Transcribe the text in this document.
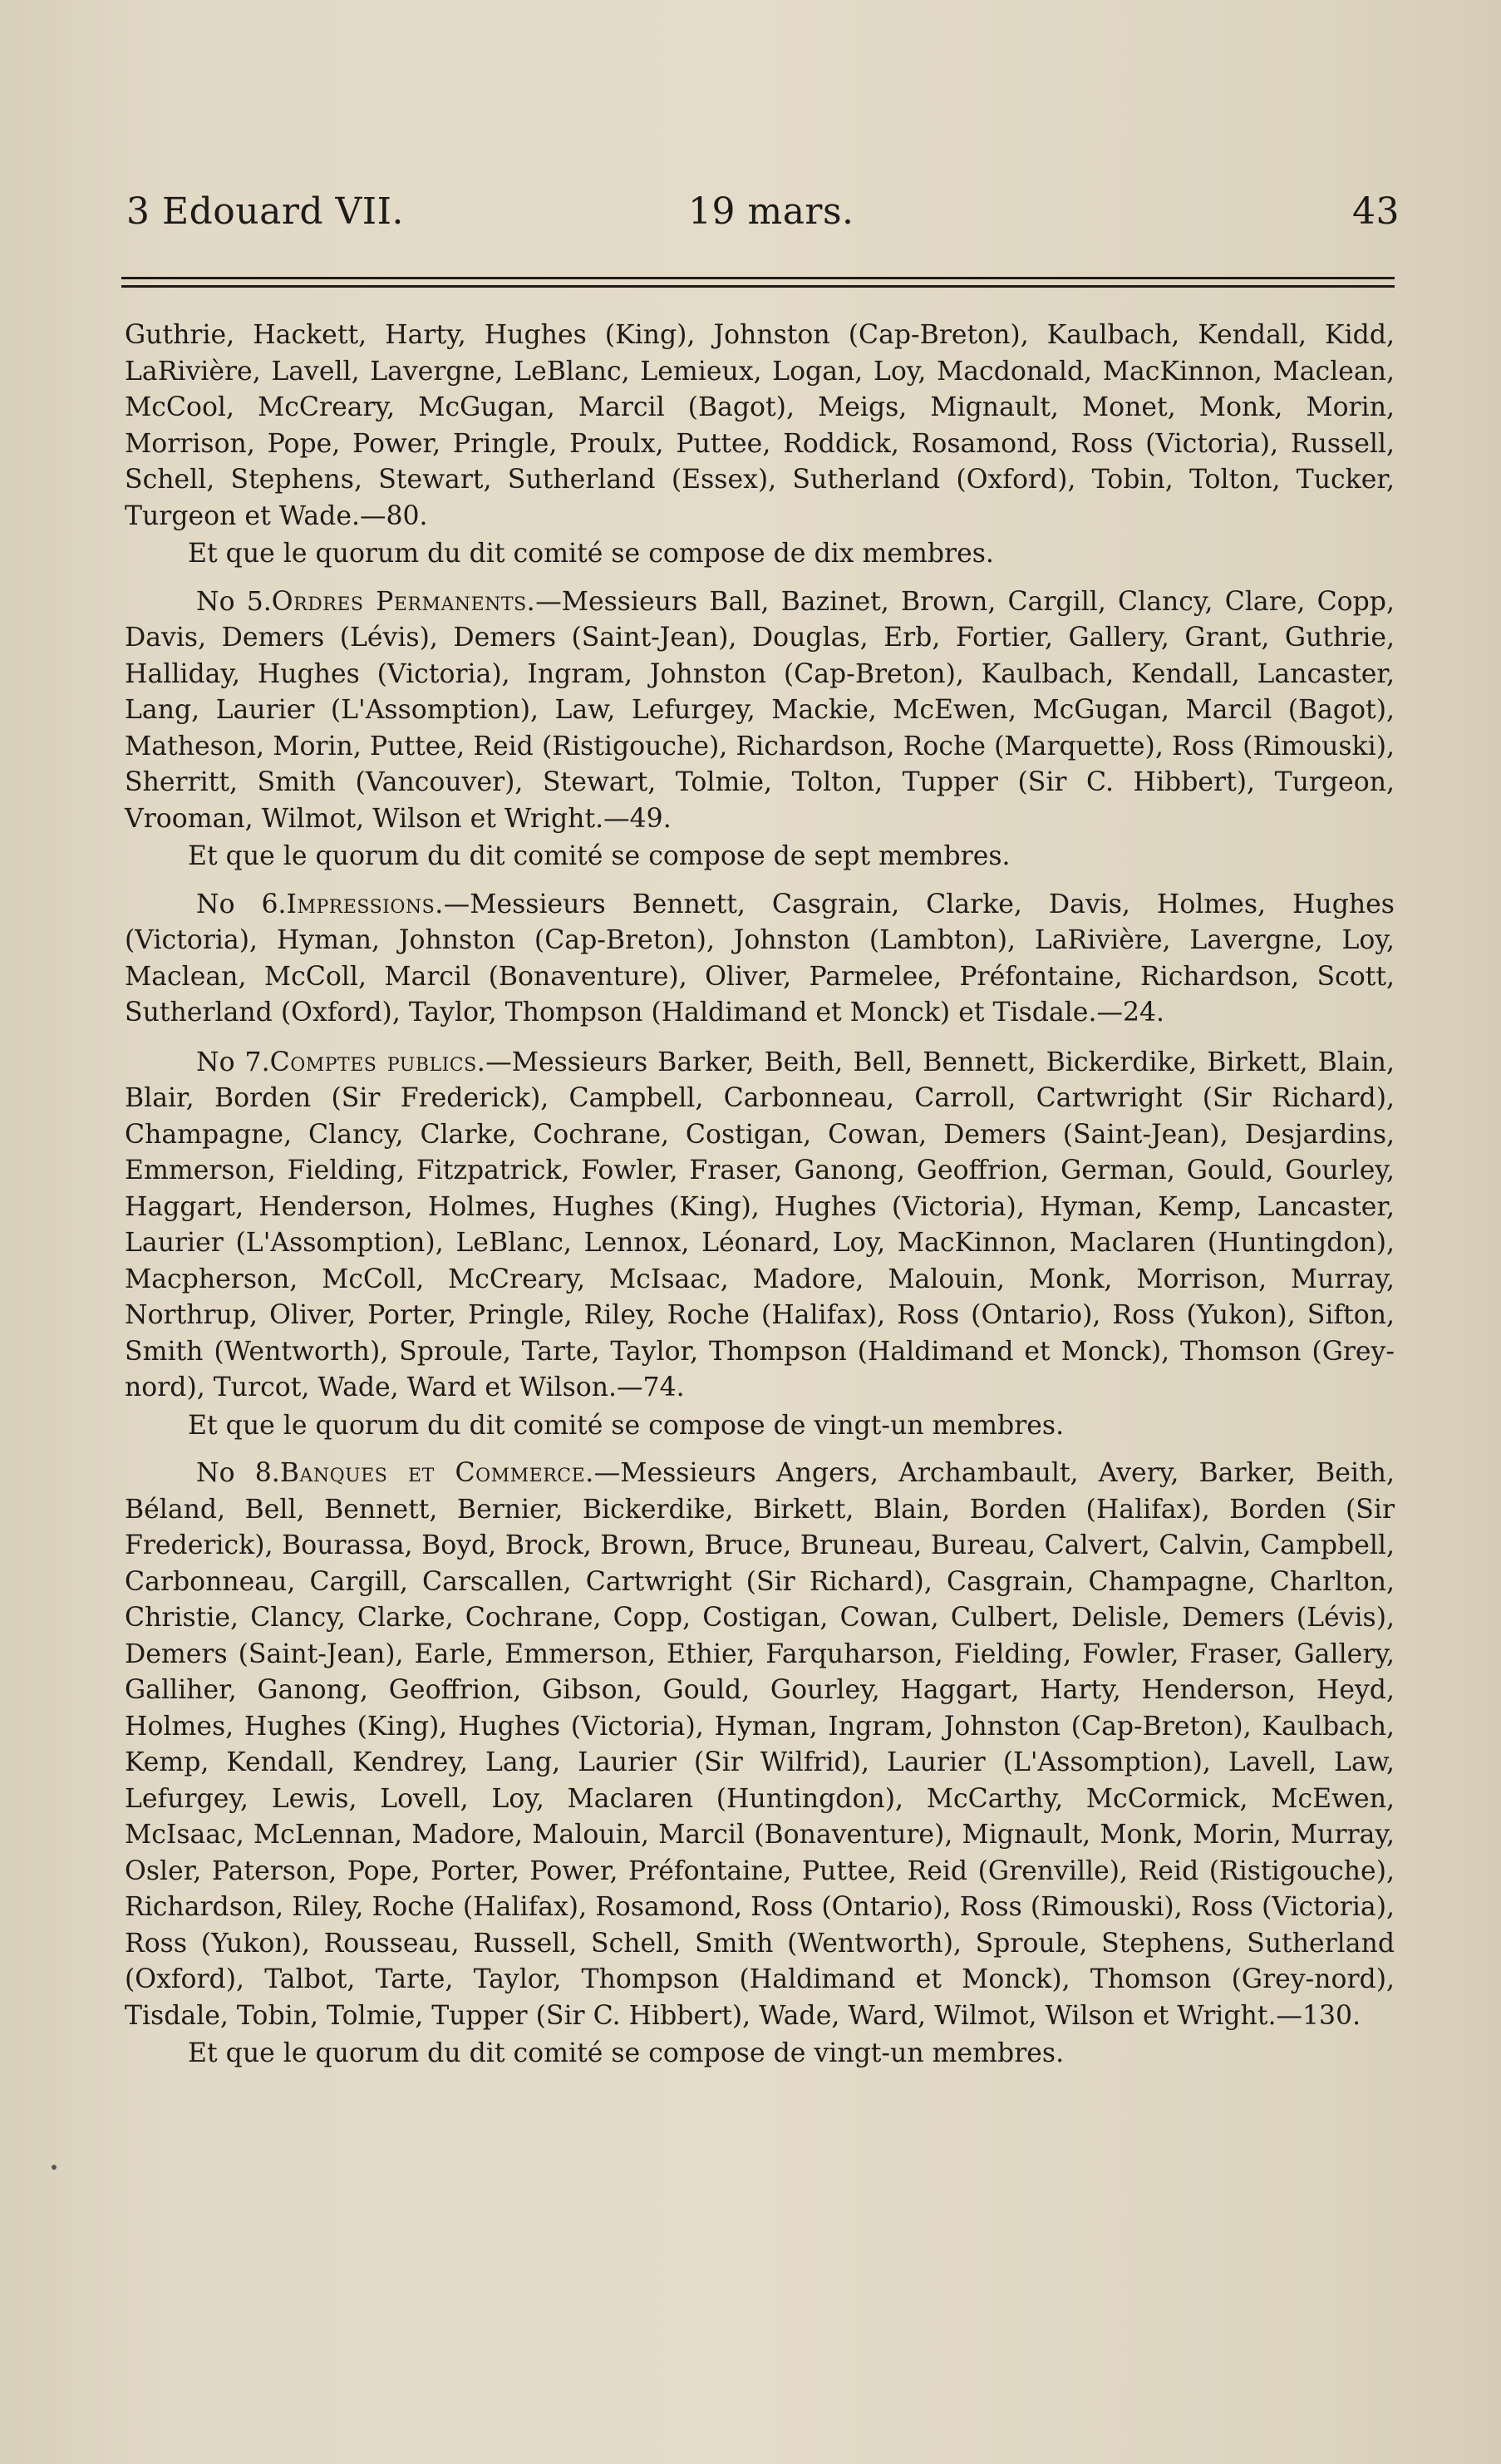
3 Edouard VII.	19 mars.	43

Guthrie, Hackett, Harty, Hughes (King), Johnston (Cap-Breton), Kaulbach, Kendall, Kidd, LaRivière, Lavell, Lavergne, LeBlanc, Lemieux, Logan, Loy, Macdonald, MacKinnon, Maclean, McCool, McCreary, McGugan, Marcil (Bagot), Meigs, Mignault, Monet, Monk, Morin, Morrison, Pope, Power, Pringle, Proulx, Puttee, Roddick, Rosamond, Ross (Victoria), Russell, Schell, Stephens, Stewart, Sutherland (Essex), Sutherland (Oxford), Tobin, Tolton, Tucker, Turgeon et Wade.—80.

Et que le quorum du dit comité se compose de dix membres.

No 5.Ordres Permanents.—Messieurs Ball, Bazinet, Brown, Cargill, Clancy, Clare, Copp, Davis, Demers (Lévis), Demers (Saint-Jean), Douglas, Erb, Fortier, Gallery, Grant, Guthrie, Halliday, Hughes (Victoria), Ingram, Johnston (Cap-Breton), Kaulbach, Kendall, Lancaster, Lang, Laurier (L'Assomption), Law, Lefurgey, Mackie, McEwen, McGugan, Marcil (Bagot), Matheson, Morin, Puttee, Reid (Ristigouche), Richardson, Roche (Marquette), Ross (Rimouski), Sherritt, Smith (Vancouver), Stewart, Tolmie, Tolton, Tupper (Sir C. Hibbert), Turgeon, Vrooman, Wilmot, Wilson et Wright.—49.

Et que le quorum du dit comité se compose de sept membres.

No 6.Impressions.—Messieurs Bennett, Casgrain, Clarke, Davis, Holmes, Hughes (Victoria), Hyman, Johnston (Cap-Breton), Johnston (Lambton), LaRivière, Lavergne, Loy, Maclean, McColl, Marcil (Bonaventure), Oliver, Parmelee, Préfontaine, Richardson, Scott, Sutherland (Oxford), Taylor, Thompson (Haldimand et Monck) et Tisdale.—24.

No 7.Comptes publics.—Messieurs Barker, Beith, Bell, Bennett, Bickerdike, Birkett, Blain, Blair, Borden (Sir Frederick), Campbell, Carbonneau, Carroll, Cartwright (Sir Richard), Champagne, Clancy, Clarke, Cochrane, Costigan, Cowan, Demers (Saint-Jean), Desjardins, Emmerson, Fielding, Fitzpatrick, Fowler, Fraser, Ganong, Geoffrion, German, Gould, Gourley, Haggart, Henderson, Holmes, Hughes (King), Hughes (Victoria), Hyman, Kemp, Lancaster, Laurier (L'Assomption), LeBlanc, Lennox, Léonard, Loy, MacKinnon, Maclaren (Huntingdon), Macpherson, McColl, McCreary, McIsaac, Madore, Malouin, Monk, Morrison, Murray, Northrup, Oliver, Porter, Pringle, Riley, Roche (Halifax), Ross (Ontario), Ross (Yukon), Sifton, Smith (Wentworth), Sproule, Tarte, Taylor, Thompson (Haldimand et Monck), Thomson (Grey-nord), Turcot, Wade, Ward et Wilson.—74.

Et que le quorum du dit comité se compose de vingt-un membres.

No 8.Banques et Commerce.—Messieurs Angers, Archambault, Avery, Barker, Beith, Béland, Bell, Bennett, Bernier, Bickerdike, Birkett, Blain, Borden (Halifax), Borden (Sir Frederick), Bourassa, Boyd, Brock, Brown, Bruce, Bruneau, Bureau, Calvert, Calvin, Campbell, Carbonneau, Cargill, Carscallen, Cartwright (Sir Richard), Casgrain, Champagne, Charlton, Christie, Clancy, Clarke, Cochrane, Copp, Costigan, Cowan, Culbert, Delisle, Demers (Lévis), Demers (Saint-Jean), Earle, Emmerson, Ethier, Farquharson, Fielding, Fowler, Fraser, Gallery, Galliher, Ganong, Geoffrion, Gibson, Gould, Gourley, Haggart, Harty, Henderson, Heyd, Holmes, Hughes (King), Hughes (Victoria), Hyman, Ingram, Johnston (Cap-Breton), Kaulbach, Kemp, Kendall, Kendrey, Lang, Laurier (Sir Wilfrid), Laurier (L'Assomption), Lavell, Law, Lefurgey, Lewis, Lovell, Loy, Maclaren (Huntingdon), McCarthy, McCormick, McEwen, McIsaac, McLennan, Madore, Malouin, Marcil (Bonaventure), Mignault, Monk, Morin, Murray, Osler, Paterson, Pope, Porter, Power, Préfontaine, Puttee, Reid (Grenville), Reid (Ristigouche), Richardson, Riley, Roche (Halifax), Rosamond, Ross (Ontario), Ross (Rimouski), Ross (Victoria), Ross (Yukon), Rousseau, Russell, Schell, Smith (Wentworth), Sproule, Stephens, Sutherland (Oxford), Talbot, Tarte, Taylor, Thompson (Haldimand et Monck), Thomson (Grey-nord), Tisdale, Tobin, Tolmie, Tupper (Sir C. Hibbert), Wade, Ward, Wilmot, Wilson et Wright.—130.

Et que le quorum du dit comité se compose de vingt-un membres.
